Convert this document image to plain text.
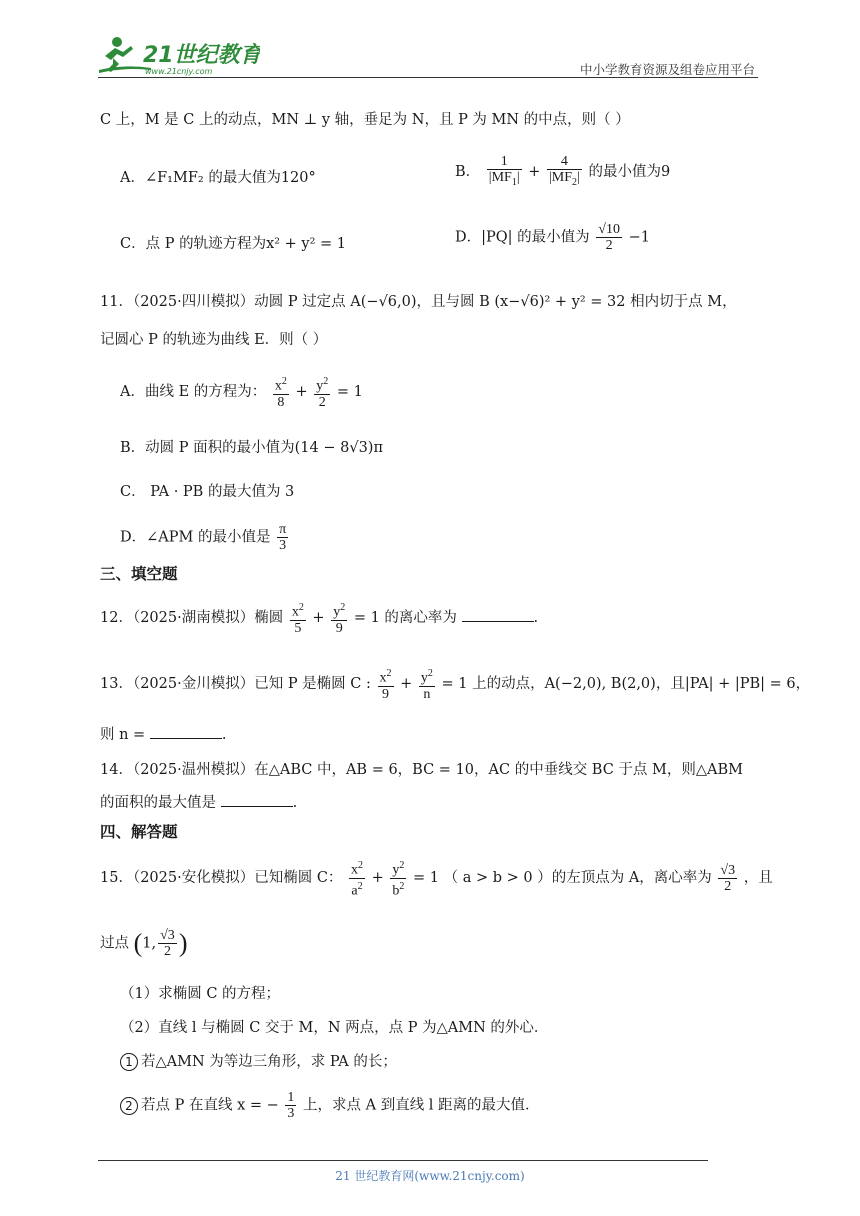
21世纪教育
www.21cnjy.com	中小学教育资源及组卷应用平台
C 上，M 是 C 上的动点，MN ⊥ y 轴，垂足为 N，且 P 为 MN 的中点，则（ ）
A．∠F₁MF₂ 的最大值为120°	B． $\frac{1}{|MF_1|} + \frac{4}{|MF_2|}$ 的最小值为9
C．点 P 的轨迹方程为x² + y² = 1	D．|PQ| 的最小值为 $\frac{√10}{2} -1$
11．（2025·四川模拟）动圆 P 过定点 A(−√6,0)，且与圆 B (x−√6)² + y² = 32 相内切于点 M，
记圆心 P 的轨迹为曲线 E．则（ ）
A．曲线 E 的方程为： $\frac{x^2}{8} + \frac{y^2}{2} = 1$
B．动圆 P 面积的最小值为(14 − 8√3)π
C． PA · PB 的最大值为 3
D．∠APM 的最小值是 $\frac{\pi}{3}$
三、填空题
12．（2025·湖南模拟）椭圆 $\frac{x^2}{5} + \frac{y^2}{9} = 1$ 的离心率为	.
13．（2025·金川模拟）已知 P 是椭圆 C : $\frac{x^2}{9} + \frac{y^2}{n} = 1$ 上的动点，A(−2,0), B(2,0)，且|PA| + |PB| = 6，
则 n =	.
14．（2025·温州模拟）在△ABC 中，AB = 6，BC = 10，AC 的中垂线交 BC 于点 M，则△ABM
的面积的最大值是	.
四、解答题
15．（2025·安化模拟）已知椭圆 C： $\frac{x^2}{a^2} + \frac{y^2}{b^2} = 1$ （ a > b > 0 ）的左顶点为 A，离心率为 $\frac{√3}{2}$ ，且
过点 (1, $\frac{√3}{2}$ )
（1）求椭圆 C 的方程；
（2）直线 l 与椭圆 C 交于 M，N 两点，点 P 为△AMN 的外心．
1 若△AMN 为等边三角形，求 PA 的长；
2 若点 P 在直线 x = − $\frac{1}{3}$ 上，求点 A 到直线 l 距离的最大值．
21 世纪教育网(www.21cnjy.com)
